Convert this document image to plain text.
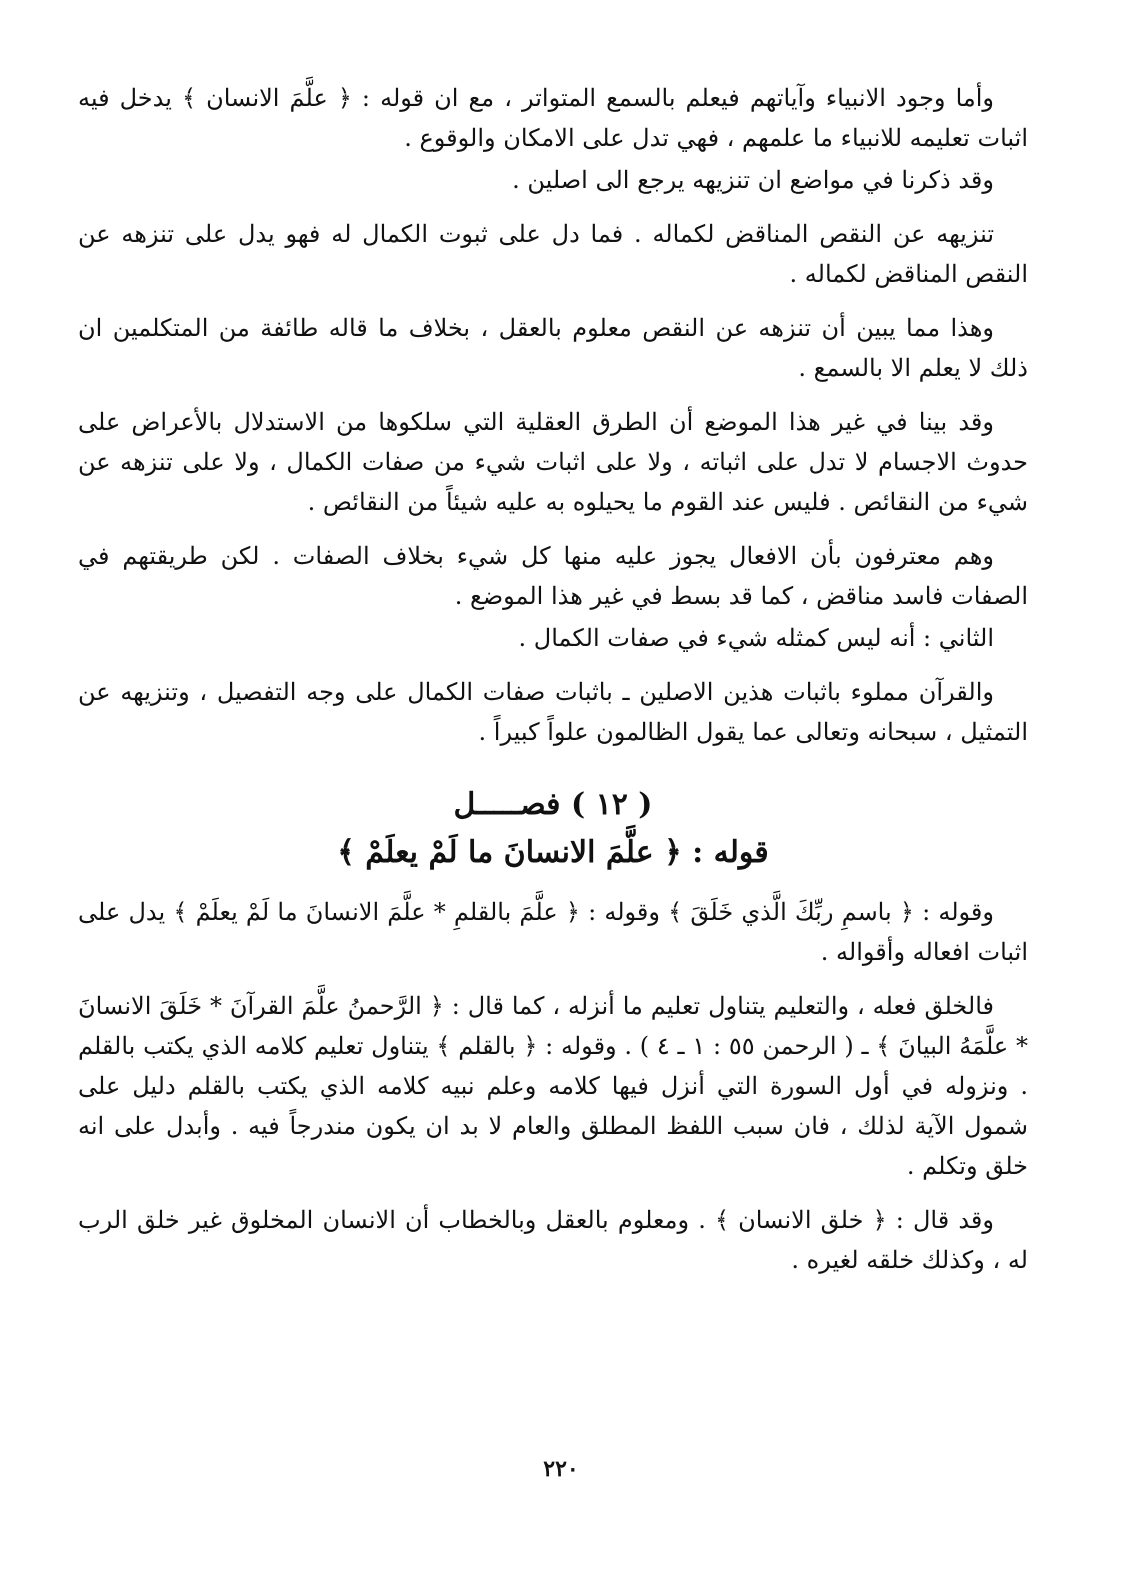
وأما وجود الانبياء وآياتهم فيعلم بالسمع المتواتر ، مع ان قوله : ﴿ علَّمَ الانسان ﴾ يدخل فيه اثبات تعليمه للانبياء ما علمهم ، فهي تدل على الامكان والوقوع .

وقد ذكرنا في مواضع ان تنزيهه يرجع الى اصلين .

تنزيهه عن النقص المناقض لكماله . فما دل على ثبوت الكمال له فهو يدل على تنزهه عن النقص المناقض لكماله .

وهذا مما يبين أن تنزهه عن النقص معلوم بالعقل ، بخلاف ما قاله طائفة من المتكلمين ان ذلك لا يعلم الا بالسمع .

وقد بينا في غير هذا الموضع أن الطرق العقلية التي سلكوها من الاستدلال بالأعراض على حدوث الاجسام لا تدل على اثباته ، ولا على اثبات شيء من صفات الكمال ، ولا على تنزهه عن شيء من النقائص . فليس عند القوم ما يحيلوه به عليه شيئاً من النقائص .

وهم معترفون بأن الافعال يجوز عليه منها كل شيء بخلاف الصفات . لكن طريقتهم في الصفات فاسد مناقض ، كما قد بسط في غير هذا الموضع .

الثاني : أنه ليس كمثله شيء في صفات الكمال .

والقرآن مملوء باثبات هذين الاصلين ـ باثبات صفات الكمال على وجه التفصيل ، وتنزيهه عن التمثيل ، سبحانه وتعالى عما يقول الظالمون علواً كبيراً .

( ١٢ ) فصـــــل
قوله : ﴿ علَّمَ الانسانَ ما لَمْ يعلَمْ ﴾

وقوله : ﴿ باسمِ ربِّكَ الَّذي خَلَقَ ﴾ وقوله : ﴿ علَّمَ بالقلمِ * علَّمَ الانسانَ ما لَمْ يعلَمْ ﴾ يدل على اثبات افعاله وأقواله .

فالخلق فعله ، والتعليم يتناول تعليم ما أنزله ، كما قال : ﴿ الرَّحمنُ علَّمَ القرآنَ * خَلَقَ الانسانَ * علَّمَهُ البيانَ ﴾ ـ ( الرحمن ٥٥ : ١ ـ ٤ ) . وقوله : ﴿ بالقلم ﴾ يتناول تعليم كلامه الذي يكتب بالقلم . ونزوله في أول السورة التي أنزل فيها كلامه وعلم نبيه كلامه الذي يكتب بالقلم دليل على شمول الآية لذلك ، فان سبب اللفظ المطلق والعام لا بد ان يكون مندرجاً فيه . وأبدل على انه خلق وتكلم .

وقد قال : ﴿ خلق الانسان ﴾ . ومعلوم بالعقل وبالخطاب أن الانسان المخلوق غير خلق الرب له ، وكذلك خلقه لغيره .

٢٢٠
